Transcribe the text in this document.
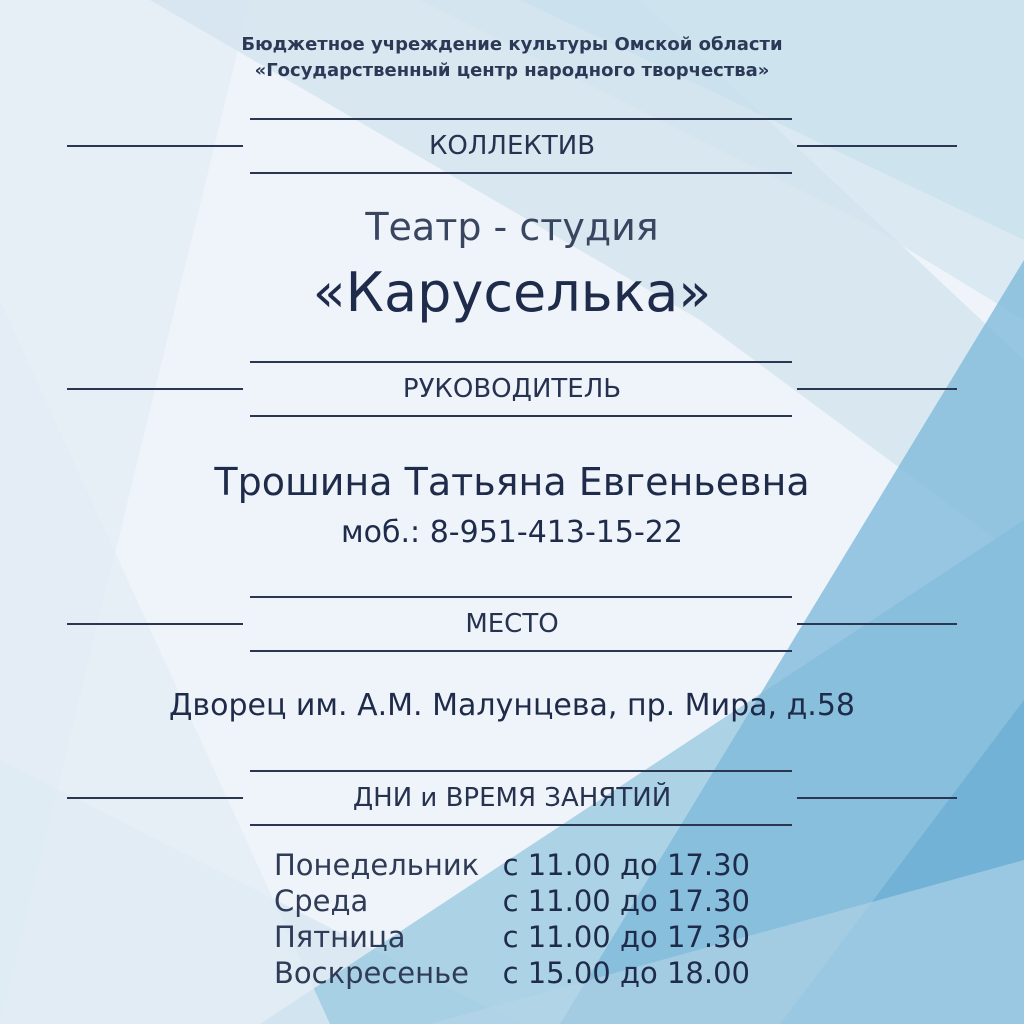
Бюджетное учреждение культуры Омской области
«Государственный центр народного творчества»
КОЛЛЕКТИВ
Театр - студия
«Каруселька»
РУКОВОДИТЕЛЬ
Трошина Татьяна Евгеньевна
моб.: 8-951-413-15-22
МЕСТО
Дворец им. А.М. Малунцева, пр. Мира, д.58
ДНИ и ВРЕМЯ ЗАНЯТИЙ
Понедельник с 11.00 до 17.30
Среда	с 11.00 до 17.30
Пятница	с 11.00 до 17.30
Воскресенье с 15.00 до 18.00
